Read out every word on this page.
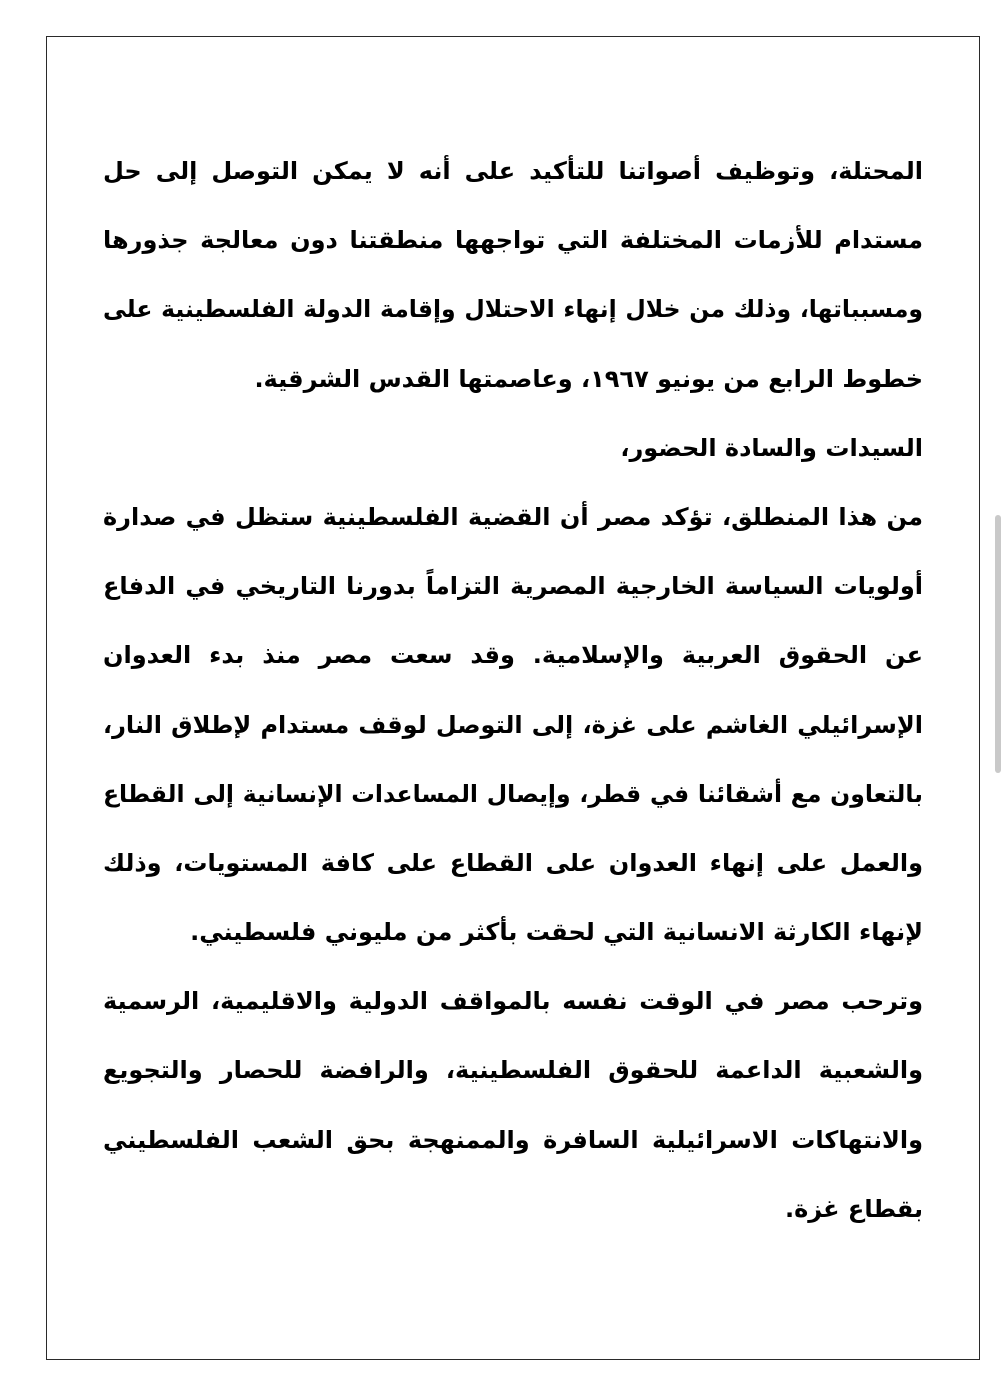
المحتلة، وتوظيف أصواتنا للتأكيد على أنه لا يمكن التوصل إلى حل
مستدام للأزمات المختلفة التي تواجهها منطقتنا دون معالجة جذورها
ومسبباتها، وذلك من خلال إنهاء الاحتلال وإقامة الدولة الفلسطينية على
خطوط الرابع من يونيو ١٩٦٧، وعاصمتها القدس الشرقية.
السيدات والسادة الحضور،
من هذا المنطلق، تؤكد مصر أن القضية الفلسطينية ستظل في صدارة
أولويات السياسة الخارجية المصرية التزاماً بدورنا التاريخي في الدفاع
عن الحقوق العربية والإسلامية. وقد سعت مصر منذ بدء العدوان
الإسرائيلي الغاشم على غزة، إلى التوصل لوقف مستدام لإطلاق النار،
بالتعاون مع أشقائنا في قطر، وإيصال المساعدات الإنسانية إلى القطاع
والعمل على إنهاء العدوان على القطاع على كافة المستويات، وذلك
لإنهاء الكارثة الانسانية التي لحقت بأكثر من مليوني فلسطيني.
وترحب مصر في الوقت نفسه بالمواقف الدولية والاقليمية، الرسمية
والشعبية الداعمة للحقوق الفلسطينية، والرافضة للحصار والتجويع
والانتهاكات الاسرائيلية السافرة والممنهجة بحق الشعب الفلسطيني
بقطاع غزة.
